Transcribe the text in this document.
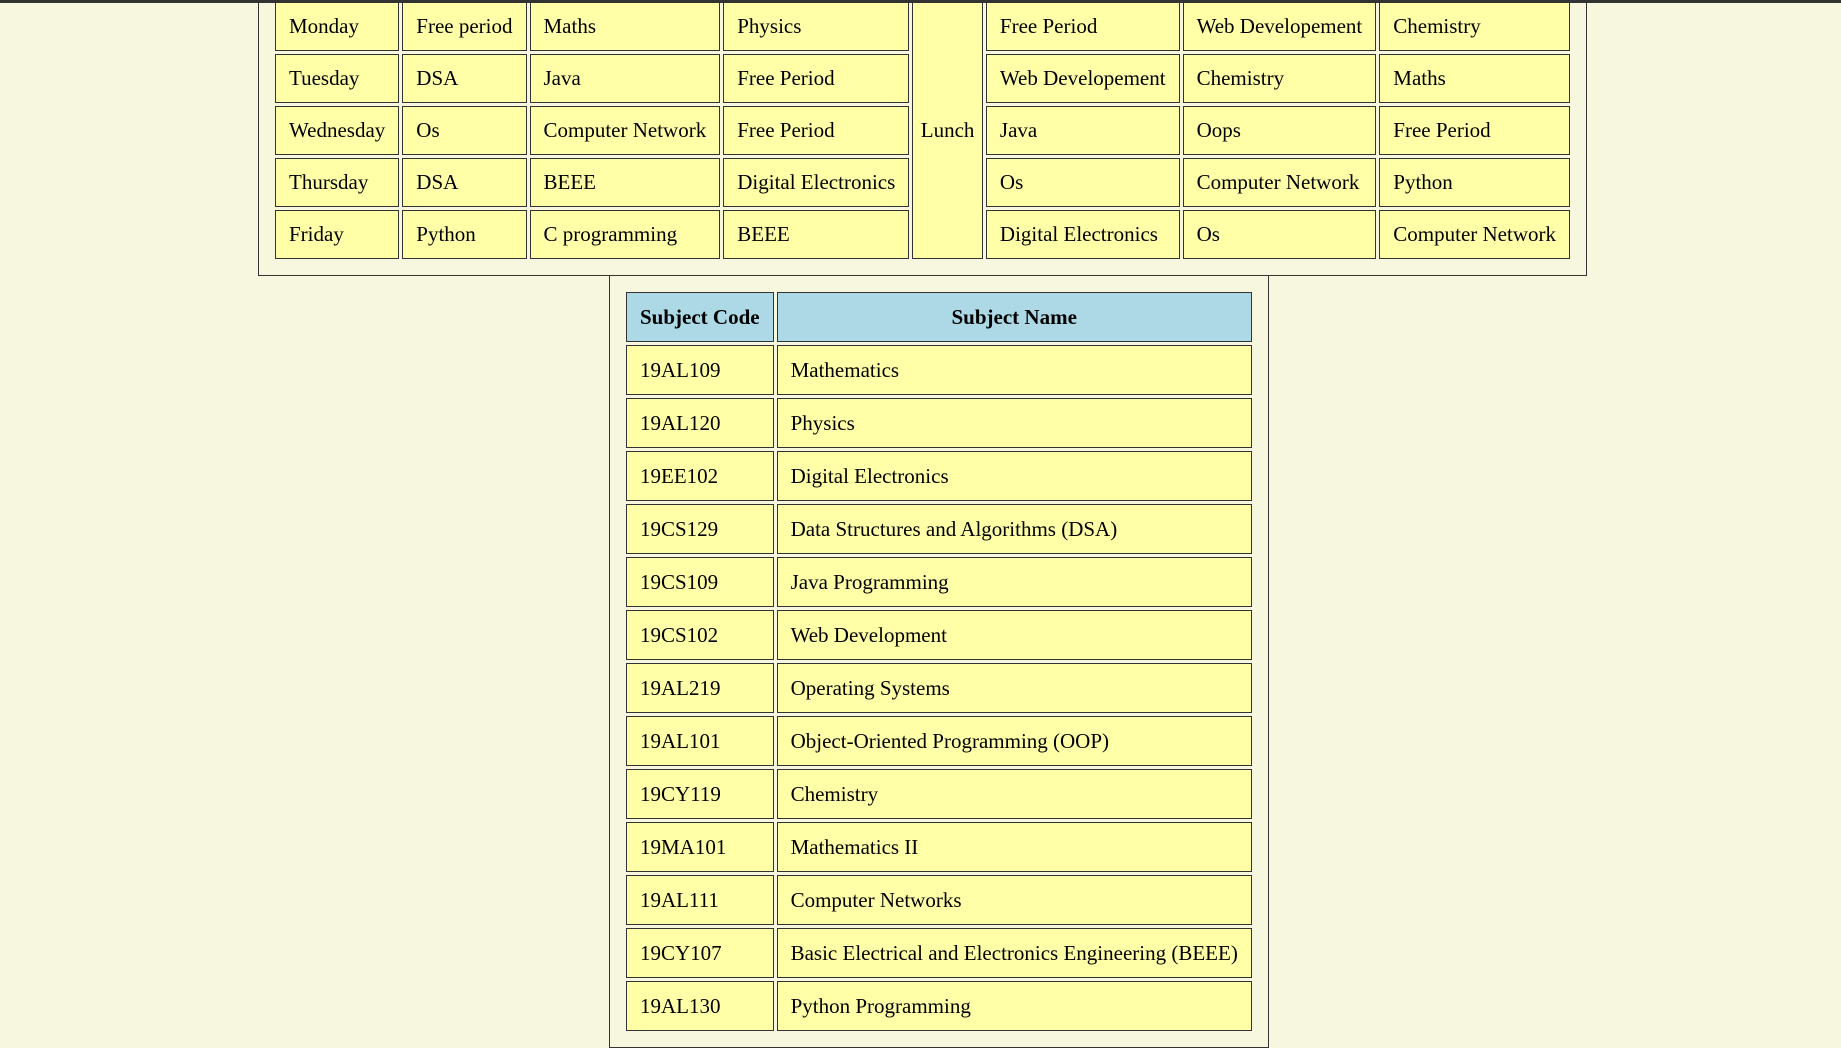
Monday	Free period	Maths	Physics	Lunch	Free Period	Web Developement	Chemistry
Tuesday	DSA	Java	Free Period		Web Developement	Chemistry	Maths
Wednesday	Os	Computer Network	Free Period		Java	Oops	Free Period
Thursday	DSA	BEEE	Digital Electronics		Os	Computer Network	Python
Friday	Python	C programming	BEEE		Digital Electronics	Os	Computer Network
Subject Code	Subject Name
19AL109	Mathematics
19AL120	Physics
19EE102	Digital Electronics
19CS129	Data Structures and Algorithms (DSA)
19CS109	Java Programming
19CS102	Web Development
19AL219	Operating Systems
19AL101	Object-Oriented Programming (OOP)
19CY119	Chemistry
19MA101	Mathematics II
19AL111	Computer Networks
19CY107	Basic Electrical and Electronics Engineering (BEEE)
19AL130	Python Programming
